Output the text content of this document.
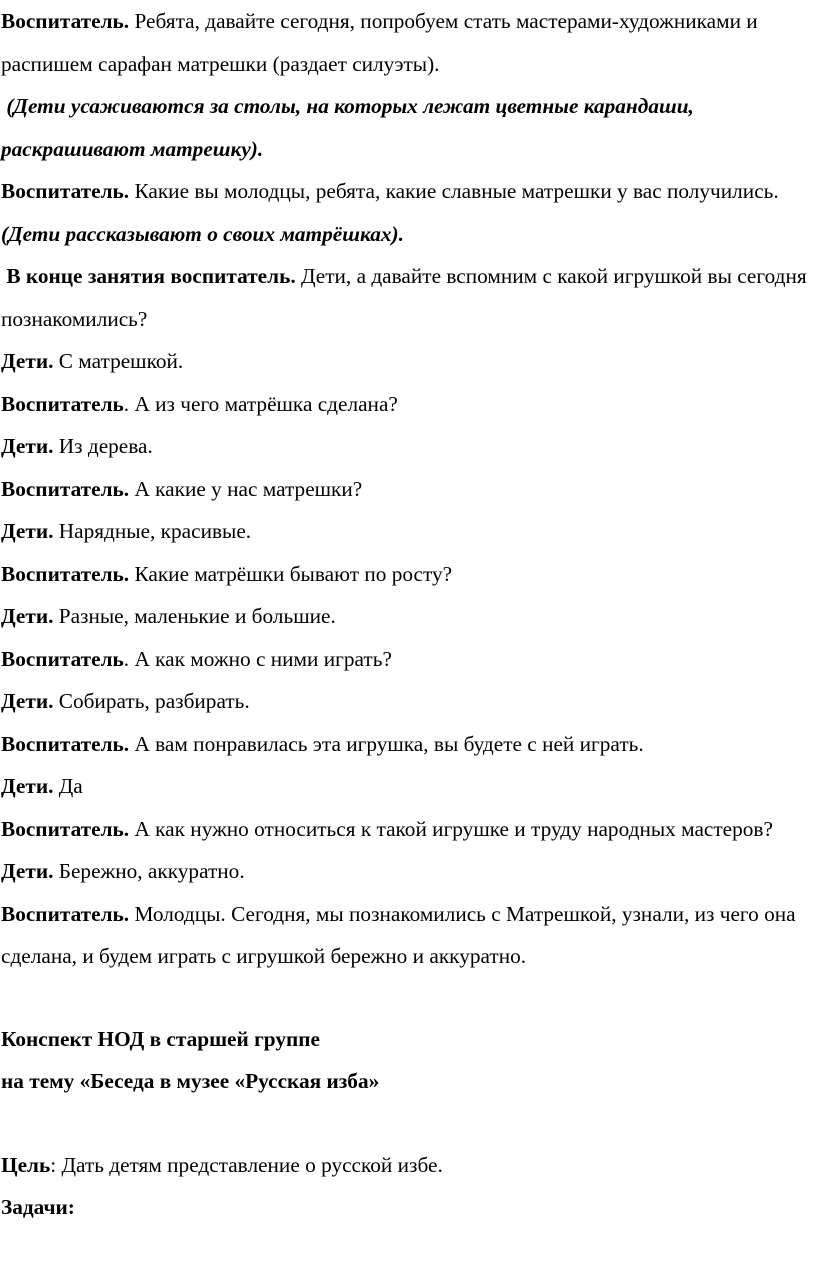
Воспитатель. Ребята, давайте сегодня, попробуем стать мастерами-художниками и распишем сарафан матрешки (раздает силуэты).

(Дети усаживаются за столы, на которых лежат цветные карандаши, раскрашивают матрешку).

Воспитатель. Какие вы молодцы, ребята, какие славные матрешки у вас получились. (Дети рассказывают о своих матрёшках).

В конце занятия воспитатель. Дети, а давайте вспомним с какой игрушкой вы сегодня познакомились?

Дети. С матрешкой.

Воспитатель. А из чего матрёшка сделана?

Дети. Из дерева.

Воспитатель. А какие у нас матрешки?

Дети. Нарядные, красивые.

Воспитатель. Какие матрёшки бывают по росту?

Дети. Разные, маленькие и большие.

Воспитатель. А как можно с ними играть?

Дети. Собирать, разбирать.

Воспитатель. А вам понравилась эта игрушка, вы будете с ней играть.

Дети. Да

Воспитатель. А как нужно относиться к такой игрушке и труду народных мастеров?

Дети. Бережно, аккуратно.

Воспитатель. Молодцы. Сегодня, мы познакомились с Матрешкой, узнали, из чего она сделана, и будем играть с игрушкой бережно и аккуратно.

Конспект НОД в старшей группе

на тему «Беседа в музее «Русская изба»

Цель: Дать детям представление о русской избе.

Задачи:
